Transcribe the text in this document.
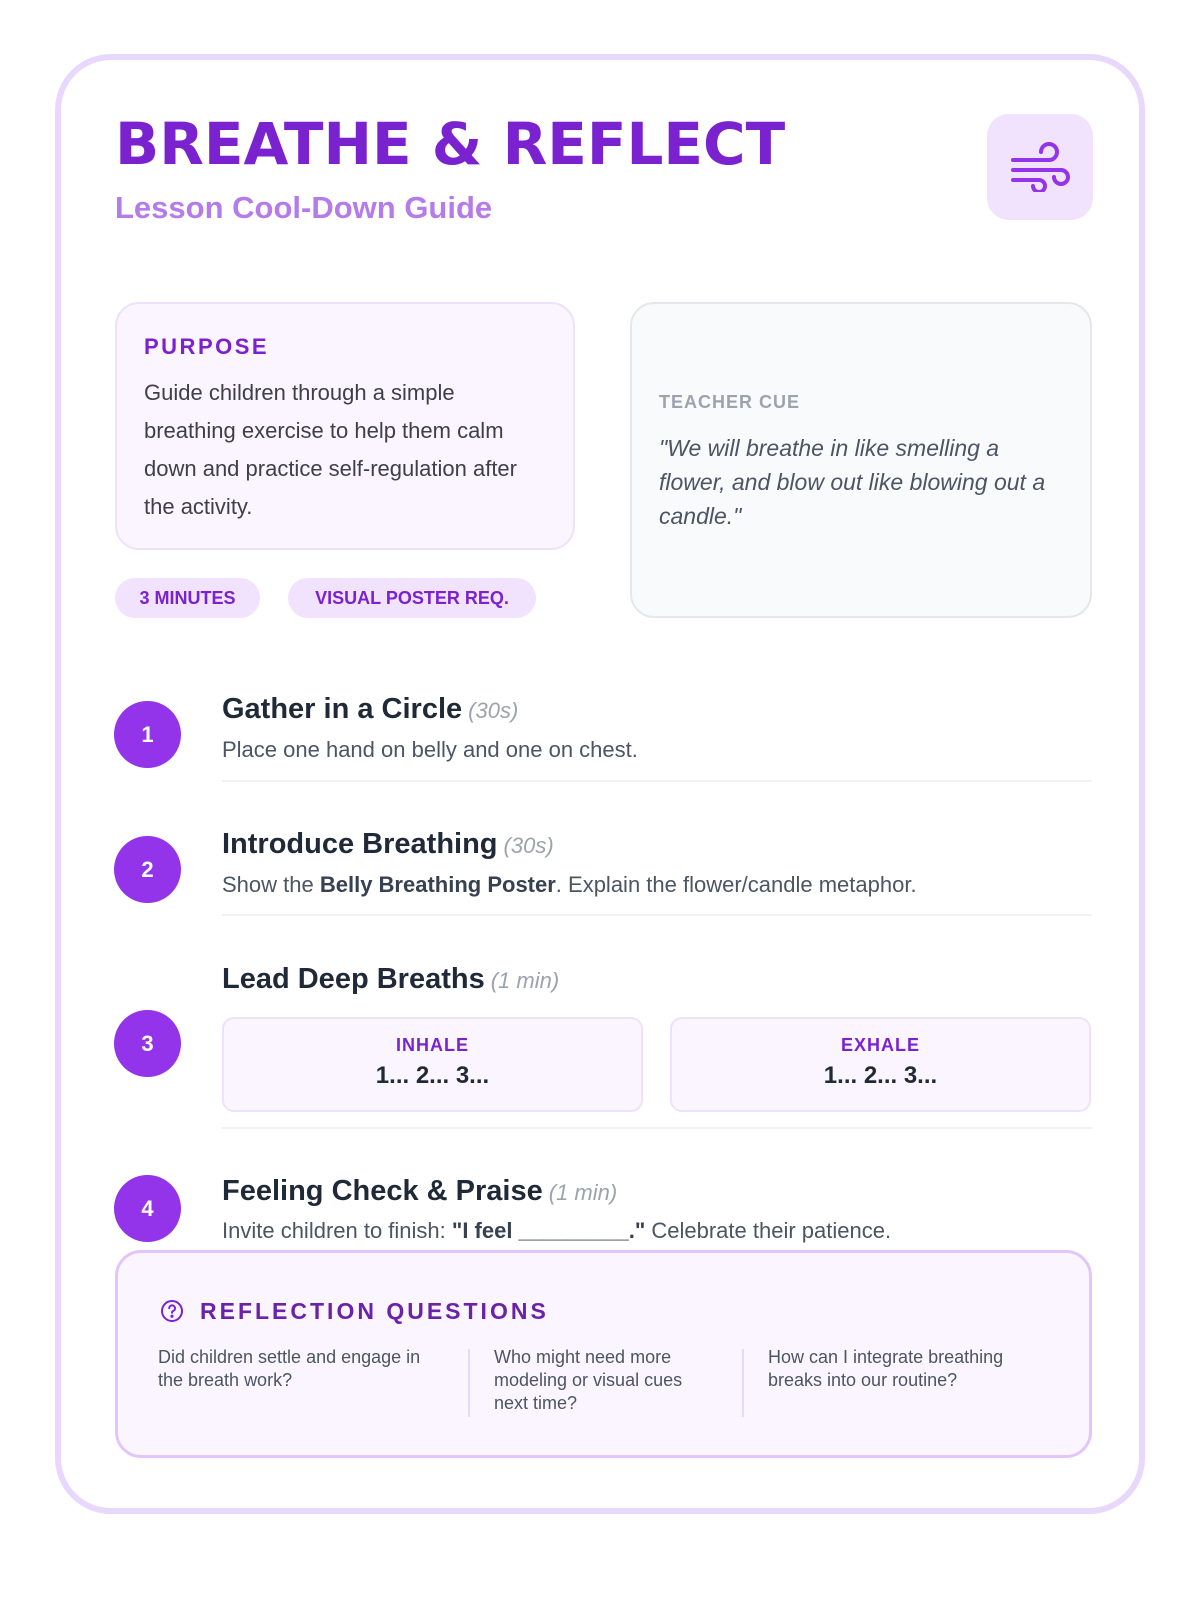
BREATHE & REFLECT
Lesson Cool-Down Guide

PURPOSE

Guide children through a simple breathing exercise to help them calm down and practice self-regulation after the activity.

3 MINUTES	VISUAL POSTER REQ.

TEACHER CUE

"We will breathe in like smelling a flower, and blow out like blowing out a candle."

1

Gather in a Circle (30s)

Place one hand on belly and one on chest.

2

Introduce Breathing (30s)

Show the Belly Breathing Poster. Explain the flower/candle metaphor.

3

Lead Deep Breaths (1 min)

INHALE

1... 2... 3...

EXHALE

1... 2... 3...

4

Feeling Check & Praise (1 min)

Invite children to finish: "I feel _________." Celebrate their patience.

REFLECTION QUESTIONS

Did children settle and engage in the breath work?

Who might need more modeling or visual cues next time?

How can I integrate breathing breaks into our routine?
